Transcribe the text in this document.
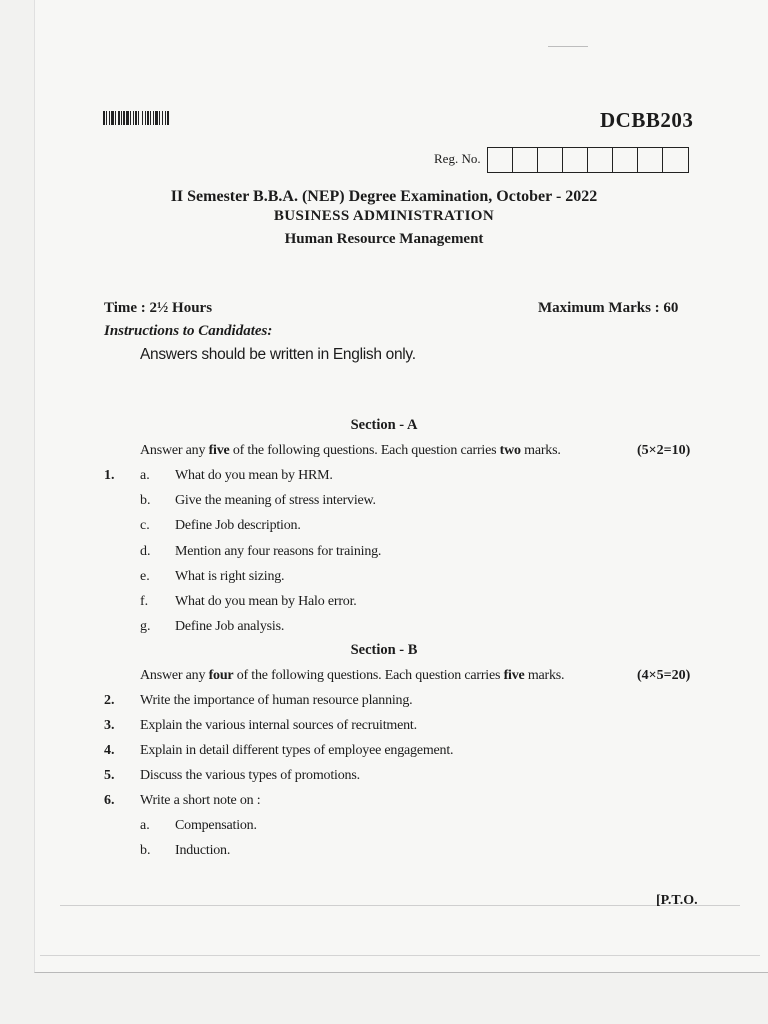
DCBB203
Reg. No.
II Semester B.B.A. (NEP) Degree Examination, October - 2022
BUSINESS ADMINISTRATION
Human Resource Management
Time : 2½ Hours	Maximum Marks : 60
Instructions to Candidates:
Answers should be written in English only.
Section - A
Answer any five of the following questions. Each question carries two marks.	(5×2=10)
1.
Section - B
Answer any four of the following questions. Each question carries five marks.	(4×5=20)
[P.T.O.
a. What do you mean by HRM.
b. Give the meaning of stress interview.
c. Define Job description.
d. Mention any four reasons for training.
e. What is right sizing.
f. What do you mean by Halo error.
g. Define Job analysis.
2. Write the importance of human resource planning.
3. Explain the various internal sources of recruitment.
4. Explain in detail different types of employee engagement.
5. Discuss the various types of promotions.
6. Write a short note on :
a. Compensation.
b. Induction.
